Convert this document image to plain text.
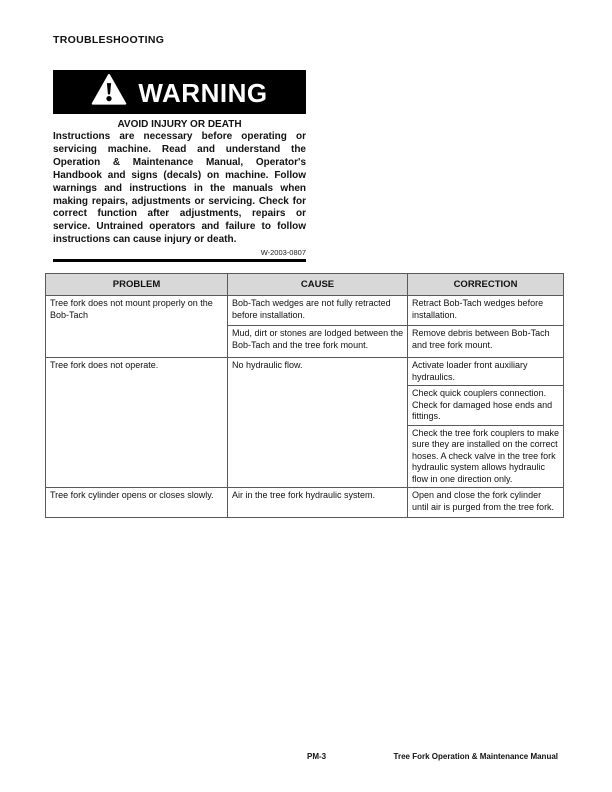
TROUBLESHOOTING
WARNING
AVOID INJURY OR DEATH

Instructions are necessary before operating or servicing machine. Read and understand the Operation & Maintenance Manual, Operator's Handbook and signs (decals) on machine. Follow warnings and instructions in the manuals when making repairs, adjustments or servicing. Check for correct function after adjustments, repairs or service. Untrained operators and failure to follow instructions can cause injury or death.

W-2003-0807
PROBLEM	CAUSE	CORRECTION
Tree fork does not mount properly on the Bob-Tach	Bob-Tach wedges are not fully retracted before installation.	Retract Bob-Tach wedges before installation.
	Mud, dirt or stones are lodged between the Bob-Tach and the tree fork mount.	Remove debris between Bob-Tach and tree fork mount.
Tree fork does not operate.	No hydraulic flow.	Activate loader front auxiliary hydraulics.
		Check quick couplers connection. Check for damaged hose ends and fittings.
		Check the tree fork couplers to make sure they are installed on the correct hoses. A check valve in the tree fork hydraulic system allows hydraulic flow in one direction only.
Tree fork cylinder opens or closes slowly.	Air in the tree fork hydraulic system.	Open and close the fork cylinder until air is purged from the tree fork.
PM-3	Tree Fork Operation & Maintenance Manual
